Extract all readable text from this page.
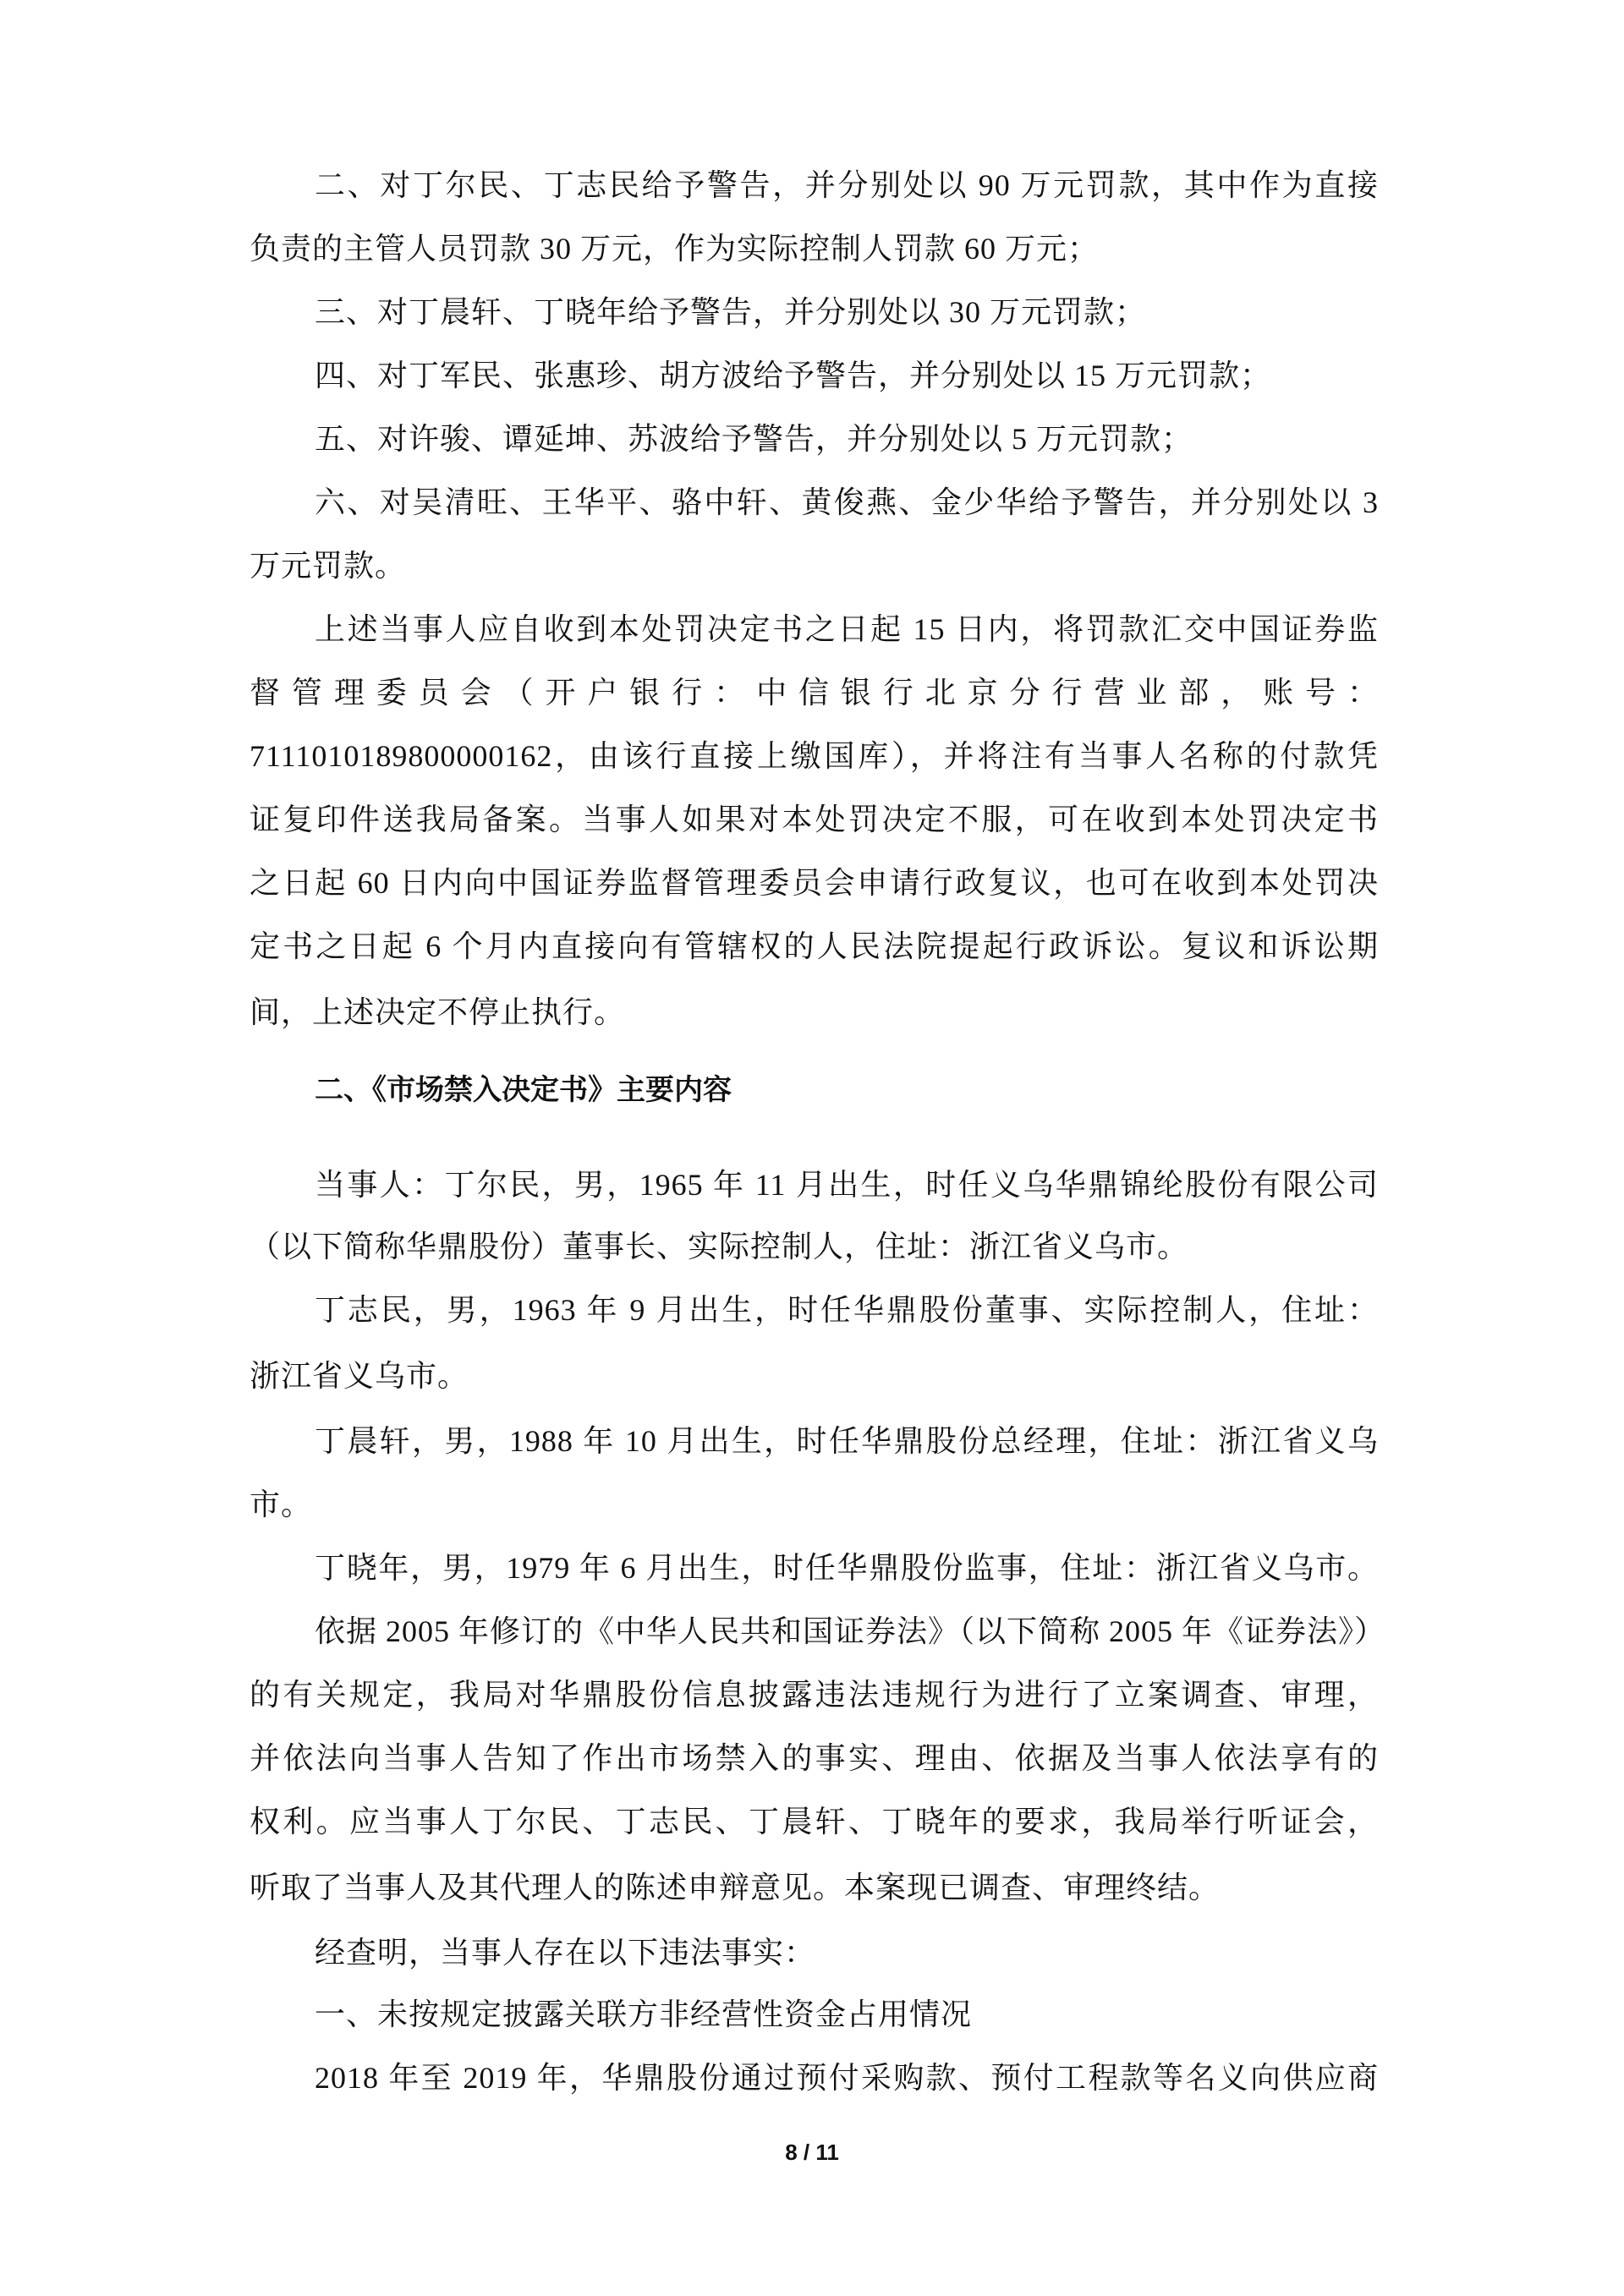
二、对丁尔民、丁志民给予警告，并分别处以 90 万元罚款，其中作为直接
负责的主管人员罚款 30 万元，作为实际控制人罚款 60 万元；
三、对丁晨轩、丁晓年给予警告，并分别处以 30 万元罚款；
四、对丁军民、张惠珍、胡方波给予警告，并分别处以 15 万元罚款；
五、对许骏、谭延坤、苏波给予警告，并分别处以 5 万元罚款；
六、对吴清旺、王华平、骆中轩、黄俊燕、金少华给予警告，并分别处以 3
万元罚款。
上述当事人应自收到本处罚决定书之日起 15 日内，将罚款汇交中国证券监
督管理委员会（开户银行：中信银行北京分行营业部，账号：
7111010189800000162，由该行直接上缴国库），并将注有当事人名称的付款凭
证复印件送我局备案。当事人如果对本处罚决定不服，可在收到本处罚决定书
之日起 60 日内向中国证券监督管理委员会申请行政复议，也可在收到本处罚决
定书之日起 6 个月内直接向有管辖权的人民法院提起行政诉讼。复议和诉讼期
间，上述决定不停止执行。
二、《市场禁入决定书》主要内容
当事人：丁尔民，男，1965 年 11 月出生，时任义乌华鼎锦纶股份有限公司
（以下简称华鼎股份）董事长、实际控制人，住址：浙江省义乌市。
丁志民，男，1963 年 9 月出生，时任华鼎股份董事、实际控制人，住址：
浙江省义乌市。
丁晨轩，男，1988 年 10 月出生，时任华鼎股份总经理，住址：浙江省义乌
市。
丁晓年，男，1979 年 6 月出生，时任华鼎股份监事，住址：浙江省义乌市。
依据 2005 年修订的《中华人民共和国证券法》（以下简称 2005 年《证券法》）
的有关规定，我局对华鼎股份信息披露违法违规行为进行了立案调查、审理，
并依法向当事人告知了作出市场禁入的事实、理由、依据及当事人依法享有的
权利。应当事人丁尔民、丁志民、丁晨轩、丁晓年的要求，我局举行听证会，
听取了当事人及其代理人的陈述申辩意见。本案现已调查、审理终结。
经查明，当事人存在以下违法事实：
一、未按规定披露关联方非经营性资金占用情况
2018 年至 2019 年，华鼎股份通过预付采购款、预付工程款等名义向供应商
8 / 11
